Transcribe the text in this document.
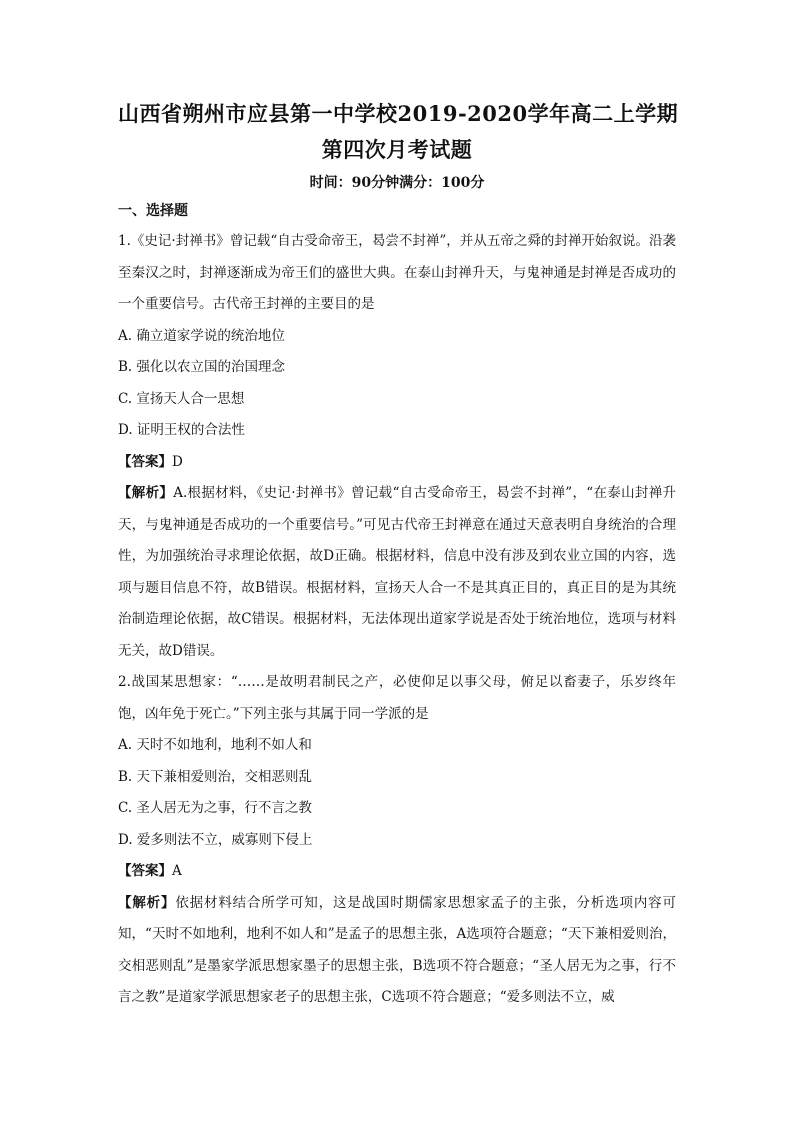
山西省朔州市应县第一中学校2019-2020学年高二上学期
第四次月考试题
时间：90分钟满分：100分
一、选择题

1.《史记·封禅书》曾记载“自古受命帝王，曷尝不封禅”，并从五帝之舜的封禅开始叙说。沿袭至秦汉之时，封禅逐渐成为帝王们的盛世大典。在泰山封禅升天，与鬼神通是封禅是否成功的一个重要信号。古代帝王封禅的主要目的是

A. 确立道家学说的统治地位
B. 强化以农立国的治国理念
C. 宣扬天人合一思想
D. 证明王权的合法性

【答案】D

【解析】A.根据材料，《史记·封禅书》曾记载“自古受命帝王，曷尝不封禅”，“在泰山封禅升天，与鬼神通是否成功的一个重要信号。”可见古代帝王封禅意在通过天意表明自身统治的合理性，为加强统治寻求理论依据，故D正确。根据材料，信息中没有涉及到农业立国的内容，选项与题目信息不符，故B错误。根据材料，宣扬天人合一不是其真正目的，真正目的是为其统治制造理论依据，故C错误。根据材料，无法体现出道家学说是否处于统治地位，选项与材料无关，故D错误。

2.战国某思想家：“……是故明君制民之产，必使仰足以事父母，俯足以畜妻子，乐岁终年饱，凶年免于死亡。”下列主张与其属于同一学派的是

A. 天时不如地利，地利不如人和
B. 天下兼相爱则治，交相恶则乱
C. 圣人居无为之事，行不言之教
D. 爱多则法不立，威寡则下侵上

【答案】A

【解析】依据材料结合所学可知，这是战国时期儒家思想家孟子的主张，分析选项内容可知，“天时不如地利，地利不如人和”是孟子的思想主张，A选项符合题意；“天下兼相爱则治，交相恶则乱”是墨家学派思想家墨子的思想主张，B选项不符合题意；“圣人居无为之事，行不言之教”是道家学派思想家老子的思想主张，C选项不符合题意；“爱多则法不立，威
